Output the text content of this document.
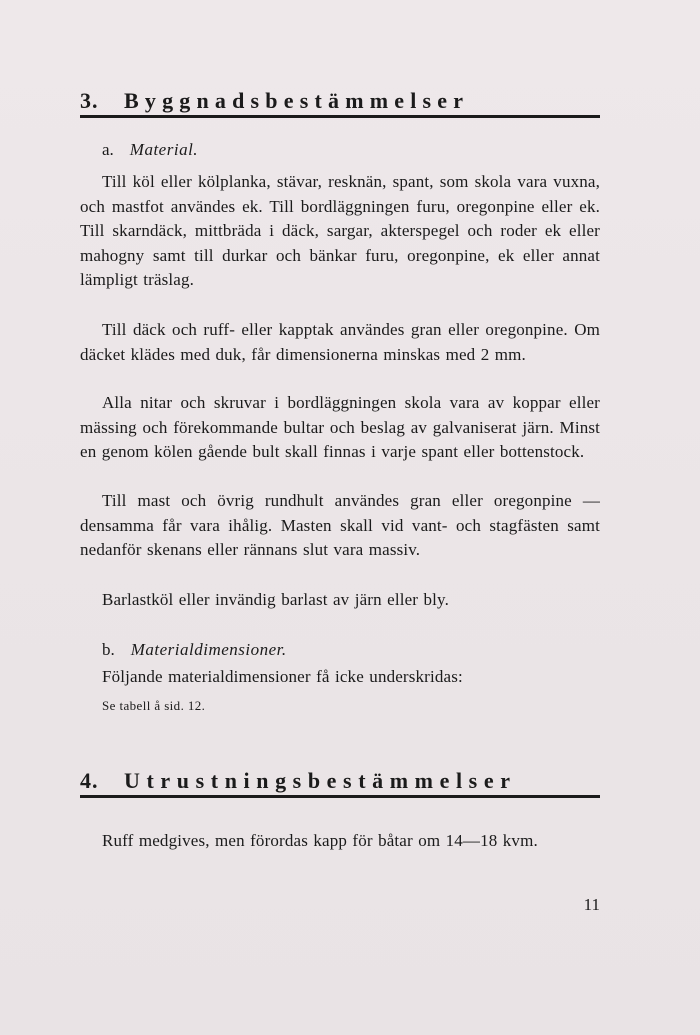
3. Byggnadsbestämmelser

a. Material.

Till köl eller kölplanka, stävar, resknän, spant, som skola vara vuxna, och mastfot användes ek. Till bordläggningen furu, oregonpine eller ek. Till skarndäck, mittbräda i däck, sargar, akterspegel och roder ek eller mahogny samt till durkar och bänkar furu, oregonpine, ek eller annat lämpligt träslag.

Till däck och ruff- eller kapptak användes gran eller oregonpine. Om däcket klädes med duk, får dimensionerna minskas med 2 mm.

Alla nitar och skruvar i bordläggningen skola vara av koppar eller mässing och förekommande bultar och beslag av galvaniserat järn. Minst en genom kölen gående bult skall finnas i varje spant eller bottenstock.

Till mast och övrig rundhult användes gran eller oregonpine — densamma får vara ihålig. Masten skall vid vant- och stagfästen samt nedanför skenans eller rännans slut vara massiv.

Barlastköl eller invändig barlast av järn eller bly.

b. Materialdimensioner.

Följande materialdimensioner få icke underskridas:

Se tabell å sid. 12.

4. Utrustningsbestämmelser

Ruff medgives, men förordas kapp för båtar om 14—18 kvm.

11
